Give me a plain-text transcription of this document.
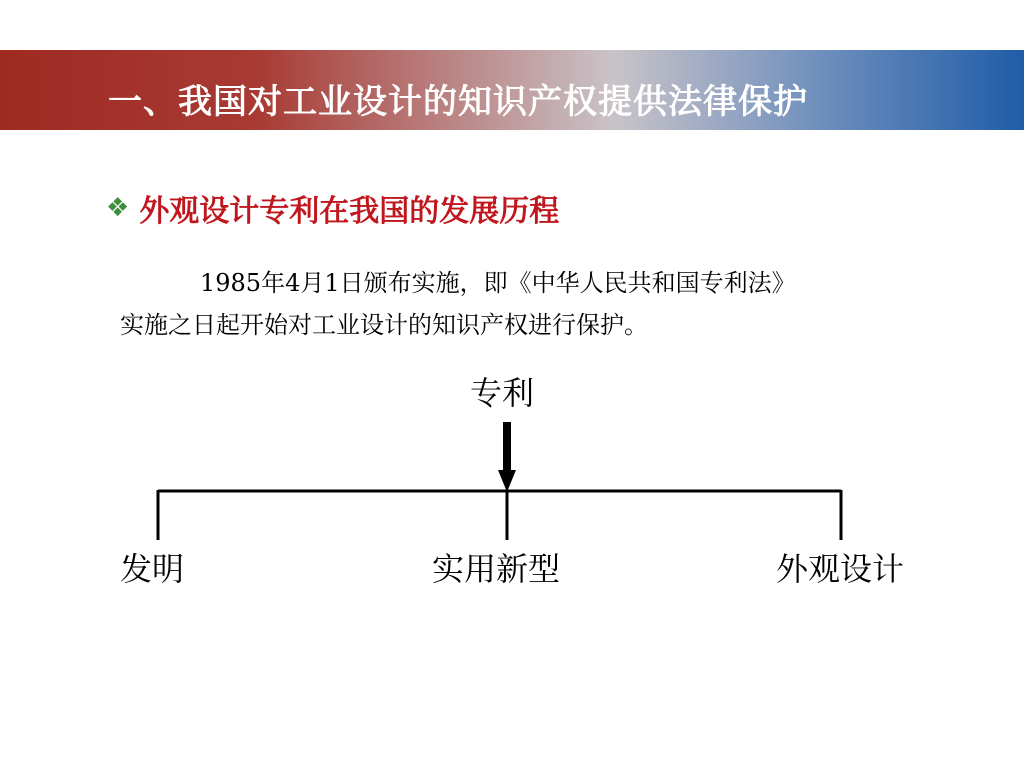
一、我国对工业设计的知识产权提供法律保护
❖ 外观设计专利在我国的发展历程
1985年4月1日颁布实施，即《中华人民共和国专利法》
实施之日起开始对工业设计的知识产权进行保护。
专利
发明	实用新型	外观设计
